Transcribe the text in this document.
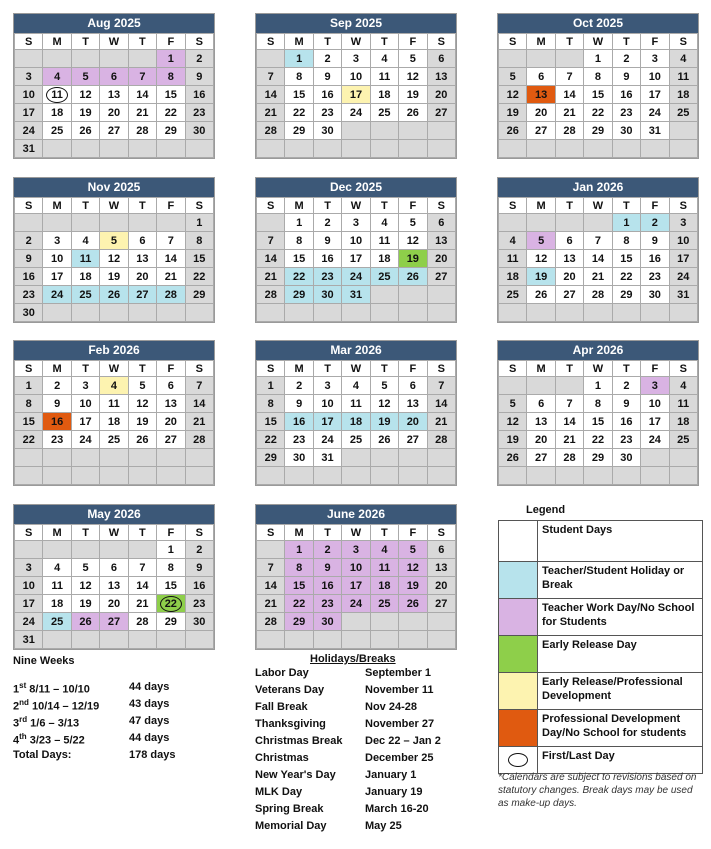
Aug 2025
S	M	T	W	T	F	S
					1	2
3	4	5	6	7	8	9
10	11	12	13	14	15	16
17	18	19	20	21	22	23
24	25	26	27	28	29	30
31						
Sep 2025
S	M	T	W	T	F	S
	1	2	3	4	5	6
7	8	9	10	11	12	13
14	15	16	17	18	19	20
21	22	23	24	25	26	27
28	29	30				

Oct 2025
S	M	T	W	T	F	S
			1	2	3	4
5	6	7	8	9	10	11
12	13	14	15	16	17	18
19	20	21	22	23	24	25
26	27	28	29	30	31	

Nov 2025
S	M	T	W	T	F	S
						1
2	3	4	5	6	7	8
9	10	11	12	13	14	15
16	17	18	19	20	21	22
23	24	25	26	27	28	29
30						
Dec 2025
S	M	T	W	T	F	S
	1	2	3	4	5	6
7	8	9	10	11	12	13
14	15	16	17	18	19	20
21	22	23	24	25	26	27
28	29	30	31			

Jan 2026
S	M	T	W	T	F	S
				1	2	3
4	5	6	7	8	9	10
11	12	13	14	15	16	17
18	19	20	21	22	23	24
25	26	27	28	29	30	31

Feb 2026
S	M	T	W	T	F	S
1	2	3	4	5	6	7
8	9	10	11	12	13	14
15	16	17	18	19	20	21
22	23	24	25	26	27	28

Mar 2026
S	M	T	W	T	F	S
1	2	3	4	5	6	7
8	9	10	11	12	13	14
15	16	17	18	19	20	21
22	23	24	25	26	27	28
29	30	31				

Apr 2026
S	M	T	W	T	F	S
			1	2	3	4
5	6	7	8	9	10	11
12	13	14	15	16	17	18
19	20	21	22	23	24	25
26	27	28	29	30		

May 2026
S	M	T	W	T	F	S
					1	2
3	4	5	6	7	8	9
10	11	12	13	14	15	16
17	18	19	20	21	22	23
24	25	26	27	28	29	30
31						
June 2026
S	M	T	W	T	F	S
	1	2	3	4	5	6
7	8	9	10	11	12	13
14	15	16	17	18	19	20
21	22	23	24	25	26	27
28	29	30				

Nine Weeks
1st 8/11 – 10/10	44 days
2nd 10/14 – 12/19	43 days
3rd 1/6 – 3/13	47 days
4th 3/23 – 5/22	44 days
Total Days:	178 days
Holidays/Breaks
Labor Day	September 1
Veterans Day	November 11
Fall Break	Nov 24-28
Thanksgiving	November 27
Christmas Break	Dec 22 – Jan 2
Christmas	December 25
New Year's Day	January 1
MLK Day	January 19
Spring Break	March 16-20
Memorial Day	May 25
Legend
Student Days
Teacher/Student Holiday or Break
Teacher Work Day/No School for Students
Early Release Day
Early Release/Professional Development
Professional Development Day/No School for students
First/Last Day
*Calendars are subject to revisions based on statutory changes. Break days may be used as make-up days.
